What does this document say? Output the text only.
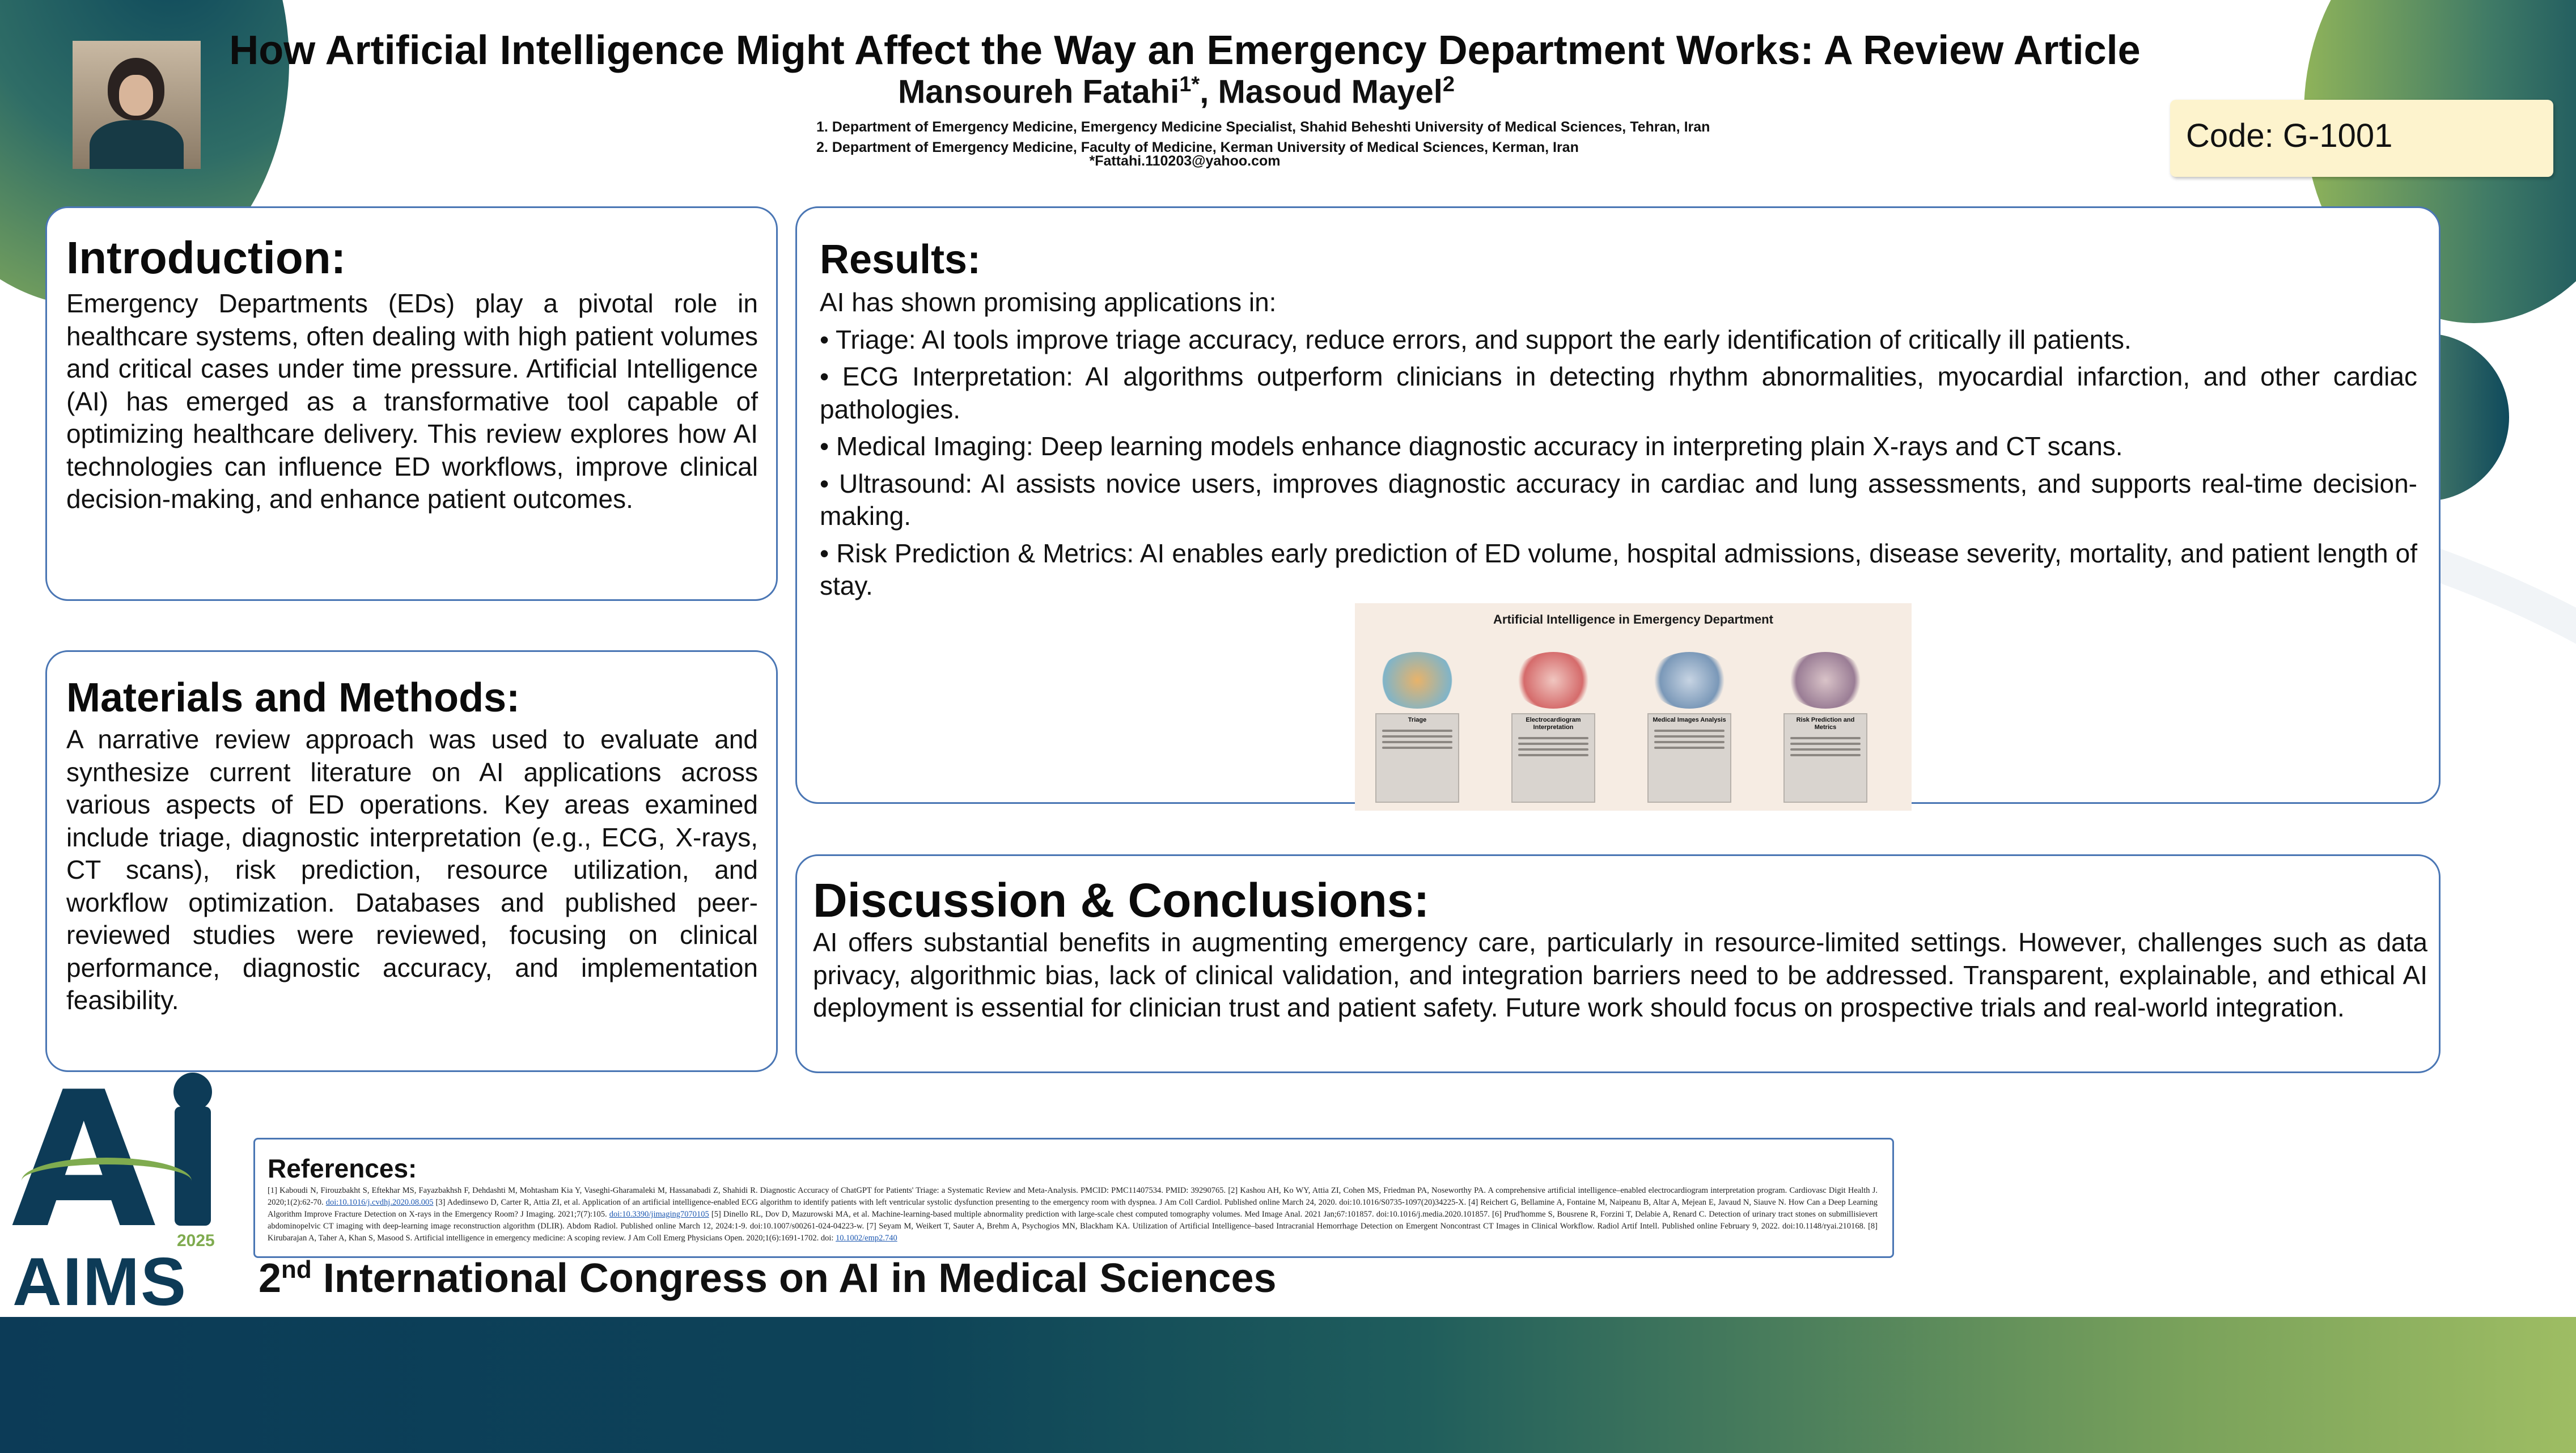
How Artificial Intelligence Might Affect the Way an Emergency Department Works: A Review Article
Mansoureh Fatahi$^{1*}$, Masoud Mayel$^2$
1. Department of Emergency Medicine, Emergency Medicine Specialist, Shahid Beheshti University of Medical Sciences, Tehran, Iran
2. Department of Emergency Medicine, Faculty of Medicine, Kerman University of Medical Sciences, Kerman, Iran
*Fattahi.110203@yahoo.com
Code: G-1001
Introduction:

Emergency Departments (EDs) play a pivotal role in healthcare systems, often dealing with high patient volumes and critical cases under time pressure. Artificial Intelligence (AI) has emerged as a transformative tool capable of optimizing healthcare delivery. This review explores how AI technologies can influence ED workflows, improve clinical decision-making, and enhance patient outcomes.

Materials and Methods:

A narrative review approach was used to evaluate and synthesize current literature on AI applications across various aspects of ED operations. Key areas examined include triage, diagnostic interpretation (e.g., ECG, X-rays, CT scans), risk prediction, resource utilization, and workflow optimization. Databases and published peer-reviewed studies were reviewed, focusing on clinical performance, diagnostic accuracy, and implementation feasibility.

Results:

AI has shown promising applications in:

• Triage: AI tools improve triage accuracy, reduce errors, and support the early identification of critically ill patients.

• ECG Interpretation: AI algorithms outperform clinicians in detecting rhythm abnormalities, myocardial infarction, and other cardiac pathologies.

• Medical Imaging: Deep learning models enhance diagnostic accuracy in interpreting plain X-rays and CT scans.

• Ultrasound: AI assists novice users, improves diagnostic accuracy in cardiac and lung assessments, and supports real-time decision-making.

• Risk Prediction & Metrics: AI enables early prediction of ED volume, hospital admissions, disease severity, mortality, and patient length of stay.

Artificial Intelligence in Emergency Department
Triage	Electrocardiogram Interpretation
Medical Images Analysis	Risk Prediction and Metrics
Discussion & Conclusions:

AI offers substantial benefits in augmenting emergency care, particularly in resource-limited settings. However, challenges such as data privacy, algorithmic bias, lack of clinical validation, and integration barriers need to be addressed. Transparent, explainable, and ethical AI deployment is essential for clinician trust and patient safety. Future work should focus on prospective trials and real-world integration.

References:
[1] Kaboudi N, Firouzbakht S, Eftekhar MS, Fayazbakhsh F, Dehdashti M, Mohtasham Kia Y, Vaseghi-Gharamaleki M, Hassanabadi Z, Shahidi R. Diagnostic Accuracy of ChatGPT for Patients' Triage: a Systematic Review and Meta-Analysis. PMCID: PMC11407534. PMID: 39290765. [2] Kashou AH, Ko WY, Attia ZI, Cohen MS, Friedman PA, Noseworthy PA. A comprehensive artificial intelligence–enabled electrocardiogram interpretation program. Cardiovasc Digit Health J. 2020;1(2):62-70. doi:10.1016/j.cvdhj.2020.08.005 [3] Adedinsewo D, Carter R, Attia ZI, et al. Application of an artificial intelligence-enabled ECG algorithm to identify patients with left ventricular systolic dysfunction presenting to the emergency room with dyspnea. J Am Coll Cardiol. Published online March 24, 2020. doi:10.1016/S0735-1097(20)34225-X. [4] Reichert G, Bellamine A, Fontaine M, Naipeanu B, Altar A, Mejean E, Javaud N, Siauve N. How Can a Deep Learning Algorithm Improve Fracture Detection on X-rays in the Emergency Room? J Imaging. 2021;7(7):105. doi:10.3390/jimaging7070105 [5] Dinello RL, Dov D, Mazurowski MA, et al. Machine-learning-based multiple abnormality prediction with large-scale chest computed tomography volumes. Med Image Anal. 2021 Jan;67:101857. doi:10.1016/j.media.2020.101857. [6] Prud'homme S, Bousrene R, Forzini T, Delabie A, Renard C. Detection of urinary tract stones on submillisievert abdominopelvic CT imaging with deep-learning image reconstruction algorithm (DLIR). Abdom Radiol. Published online March 12, 2024:1-9. doi:10.1007/s00261-024-04223-w. [7] Seyam M, Weikert T, Sauter A, Brehm A, Psychogios MN, Blackham KA. Utilization of Artificial Intelligence–based Intracranial Hemorrhage Detection on Emergent Noncontrast CT Images in Clinical Workflow. Radiol Artif Intell. Published online February 9, 2022. doi:10.1148/ryai.210168. [8] Kirubarajan A, Taher A, Khan S, Masood S. Artificial intelligence in emergency medicine: A scoping review. J Am Coll Emerg Physicians Open. 2020;1(6):1691-1702. doi: 10.1002/emp2.740
A
AIMS
2025
2nd International Congress on AI in Medical Sciences
